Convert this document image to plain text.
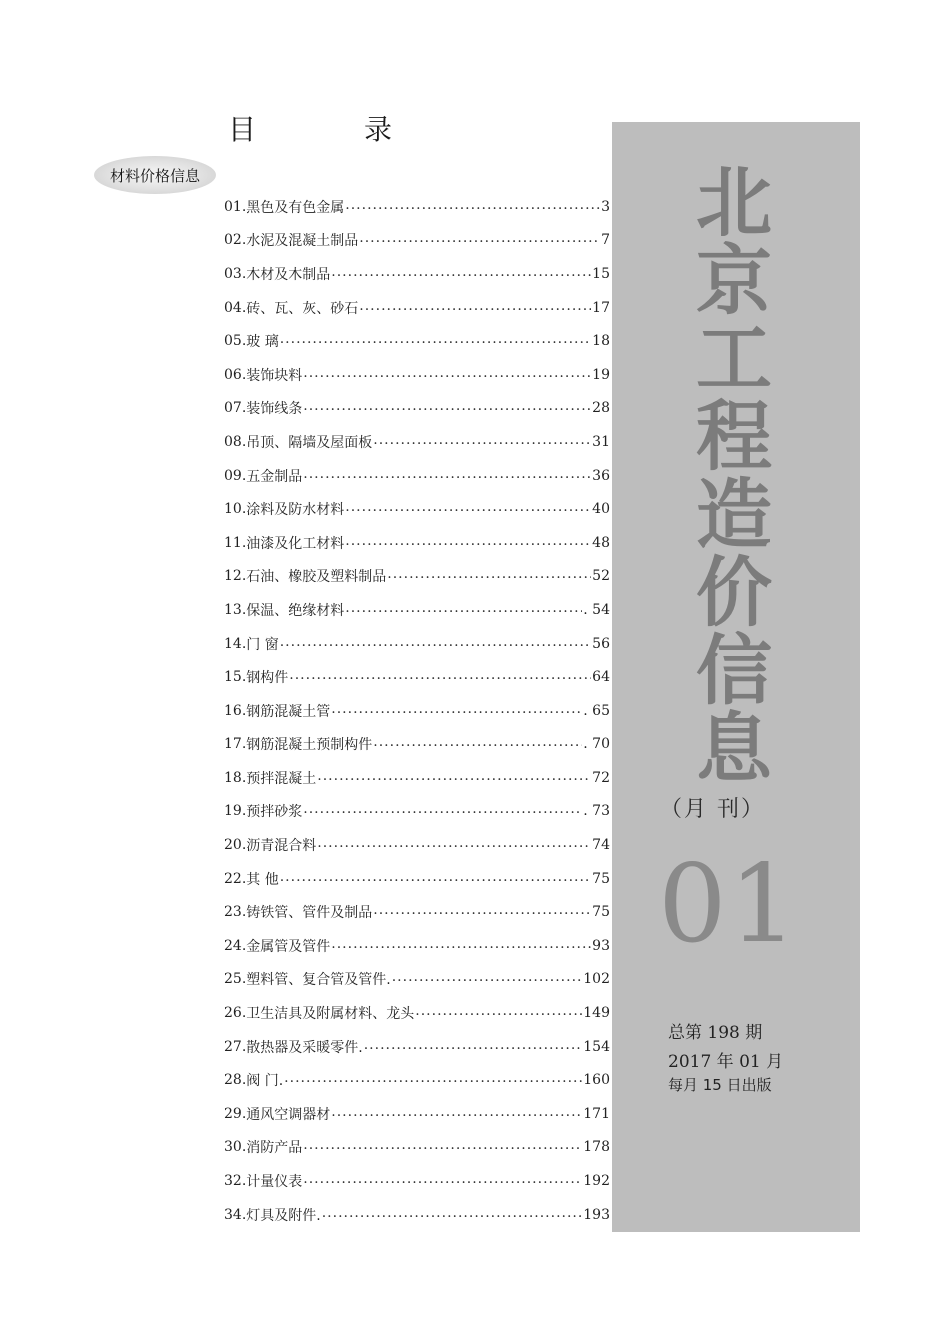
目　录
材料价格信息
01. 黑色及有色金属 .....	3
02. 水泥及混凝土制品 .....	7
03. 木材及木制品 .....	15
04. 砖、瓦、灰、砂石 .....	17
05. 玻 璃 .....	18
06. 装饰块料 .....	19
07. 装饰线条 .....	28
08. 吊顶、隔墙及屋面板 .....	31
09. 五金制品 .....	36
10. 涂料及防水材料 .....	40
11. 油漆及化工材料 .....	48
12. 石油、橡胶及塑料制品 .....	52
13. 保温、绝缘材料 .....	. 54
14. 门 窗 .....	56
15. 钢构件 .....	64
16. 钢筋混凝土管 .....	. 65
17. 钢筋混凝土预制构件 .....	. 70
18. 预拌混凝土 .....	72
19. 预拌砂浆 .....	. 73
20. 沥青混合料 .....	74
22. 其 他 .....	75
23. 铸铁管、管件及制品 .....	75
24. 金属管及管件 .....	93
25. 塑料管、复合管及管件. .....	102
26. 卫生洁具及附属材料、龙头 .....	149
27. 散热器及采暖零件. .....	154
28. 阀 门. .....	160
29. 通风空调器材 .....	171
30. 消防产品 .....	178
32. 计量仪表 .....	192
34. 灯具及附件. .....	193
北
京
工
程
造
价
信
息
（月 刊）
01
总第 198 期
2017 年 01 月
每月 15 日出版
